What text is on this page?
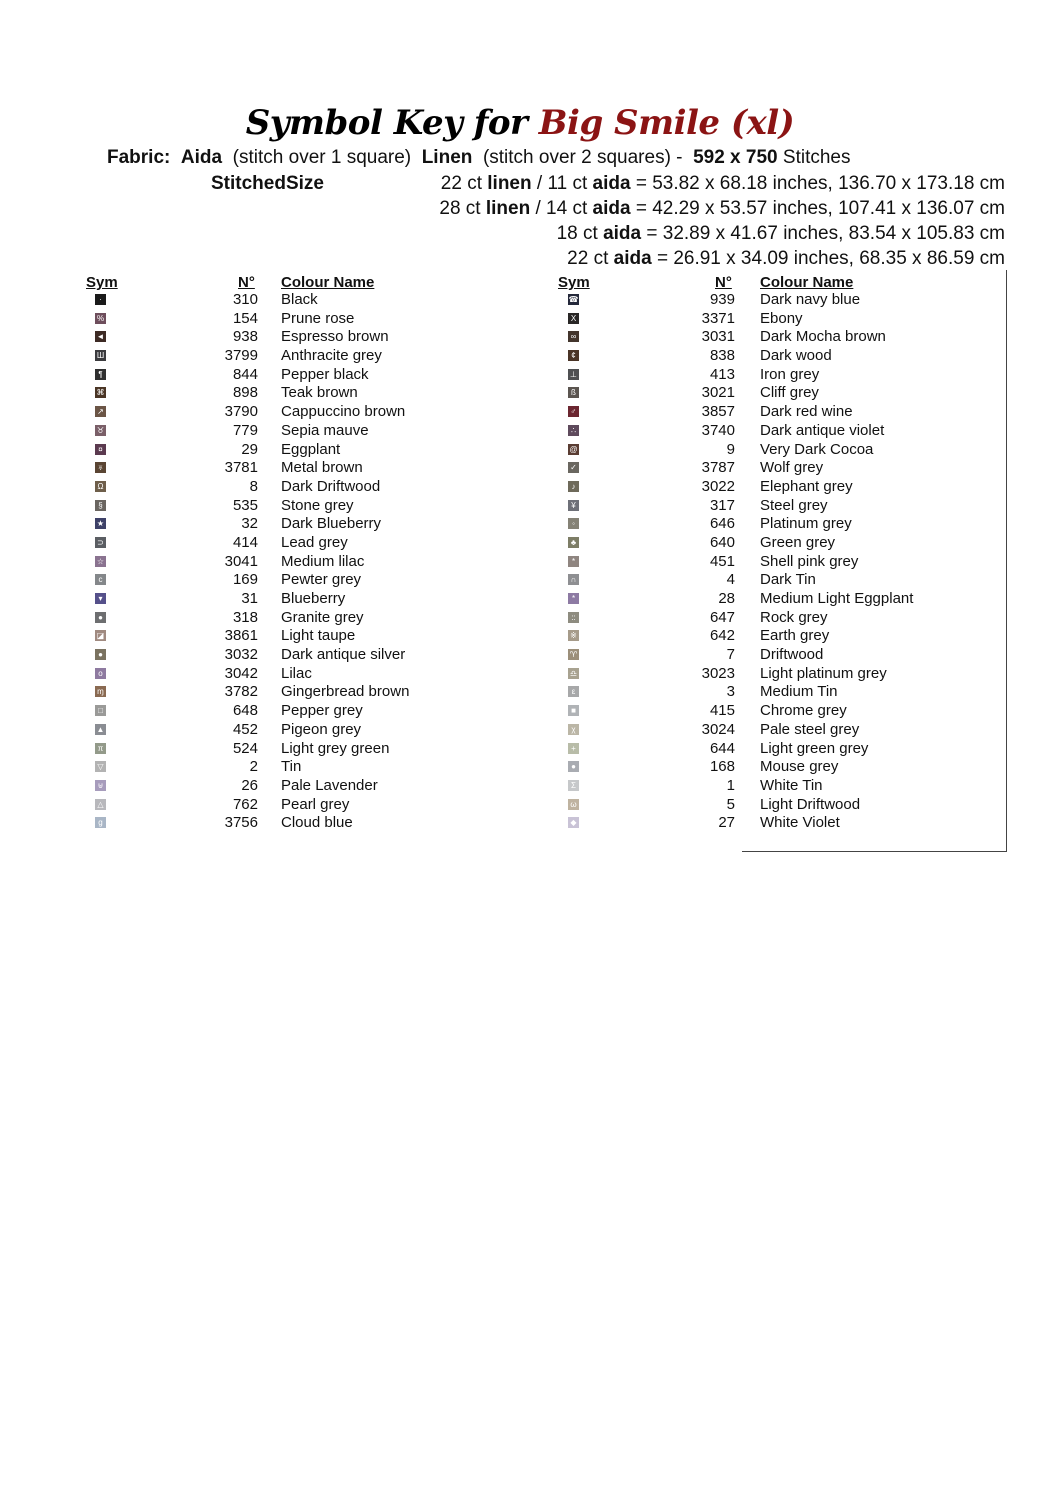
Symbol Key for Big Smile (xl)
Fabric: Aida (stitch over 1 square) Linen (stitch over 2 squares) - 592 x 750 Stitches
StitchedSize	22 ct linen / 11 ct aida = 53.82 x 68.18 inches, 136.70 x 173.18 cm
28 ct linen / 14 ct aida = 42.29 x 53.57 inches, 107.41 x 136.07 cm
18 ct aida = 32.89 x 41.67 inches, 83.54 x 105.83 cm
22 ct aida = 26.91 x 34.09 inches, 68.35 x 86.59 cm
Sym	N° Colour Name	Sym	N° Colour Name
·	310 Black
%	154 Prune rose
◄	938 Espresso brown
Ш	3799 Anthracite grey
¶	844 Pepper black
⌘	898 Teak brown
↗	3790 Cappuccino brown
♉	779 Sepia mauve
¤	29 Eggplant
♅	3781 Metal brown
Ω	8 Dark Driftwood
§	535 Stone grey
★	32 Dark Blueberry
⊃	414 Lead grey
☆	3041 Medium lilac
c	169 Pewter grey
▾	31 Blueberry
●	318 Granite grey
◪	3861 Light taupe
●	3032 Dark antique silver
o	3042 Lilac
ɱ	3782 Gingerbread brown
□	648 Pepper grey
▲	452 Pigeon grey
π	524 Light grey green
▽	2 Tin
⊎	26 Pale Lavender
△	762 Pearl grey
g	3756 Cloud blue
☎	939 Dark navy blue
X	3371 Ebony
∞	3031 Dark Mocha brown
¢	838 Dark wood
⊥	413 Iron grey
ß	3021 Cliff grey
♂	3857 Dark red wine
∴	3740 Dark antique violet
@	9 Very Dark Cocoa
✓	3787 Wolf grey
♪	3022 Elephant grey
¥	317 Steel grey
◦	646 Platinum grey
♣	640 Green grey
*	451 Shell pink grey
∩	4 Dark Tin
*	28 Medium Light Eggplant
::	647 Rock grey
※	642 Earth grey
♈	7 Driftwood
♎	3023 Light platinum grey
ε	3 Medium Tin
■	415 Chrome grey
χ	3024 Pale steel grey
+	644 Light green grey
●	168 Mouse grey
Σ	1 White Tin
ω	5 Light Driftwood
◆	27 White Violet
